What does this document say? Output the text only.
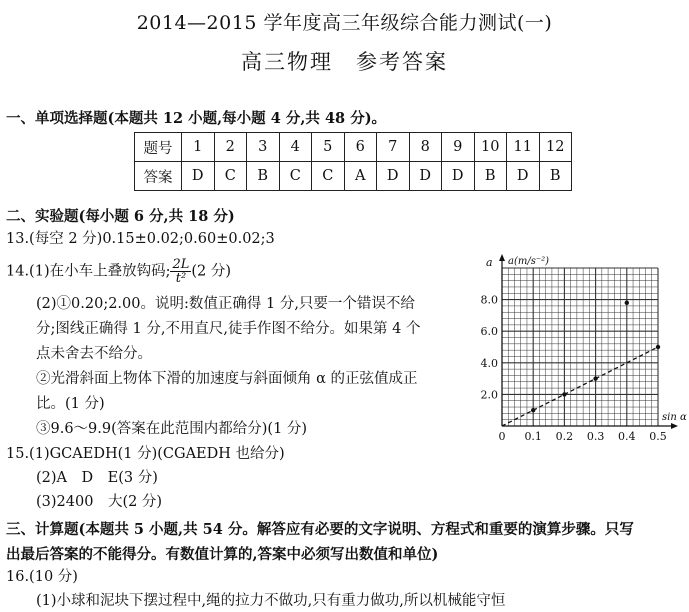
2014—2015 学年度高三年级综合能力测试(一)
高三物理　参考答案
一、单项选择题(本题共 12 小题,每小题 4 分,共 48 分)。
题号	1	2	3	4	5	6	7	8	9	10	11	12
答案	D	C	B	C	C	A	D	D	D	B	D	B
二、实验题(每小题 6 分,共 18 分)
13.(每空 2 分)0.15±0.02;0.60±0.02;3
14.(1)在小车上叠放钩码; $\frac{2L}{\text{t²}} (2$ 分)
(2)①0.20;2.00。说明:数值正确得 1 分,只要一个错误不给
分;图线正确得 1 分,不用直尺,徒手作图不给分。如果第 4 个
点未舍去不给分。
②光滑斜面上物体下滑的加速度与斜面倾角 α 的正弦值成正
比。(1 分)
③9.6～9.9(答案在此范围内都给分)(1 分)
15.(1)GCAEDH(1 分)(CGAEDH 也给分)
(2)A　D　E(3 分)
(3)2400　大(2 分)
三、计算题(本题共 5 小题,共 54 分。解答应有必要的文字说明、方程式和重要的演算步骤。只写
出最后答案的不能得分。有数值计算的,答案中必须写出数值和单位)
16.(10 分)
(1)小球和泥块下摆过程中,绳的拉力不做功,只有重力做功,所以机械能守恒
0 0.1 0.2 0.3 0.4 0.5
2.0
4.0
6.0
8.0
a(m/s⁻²)
a
sin α
